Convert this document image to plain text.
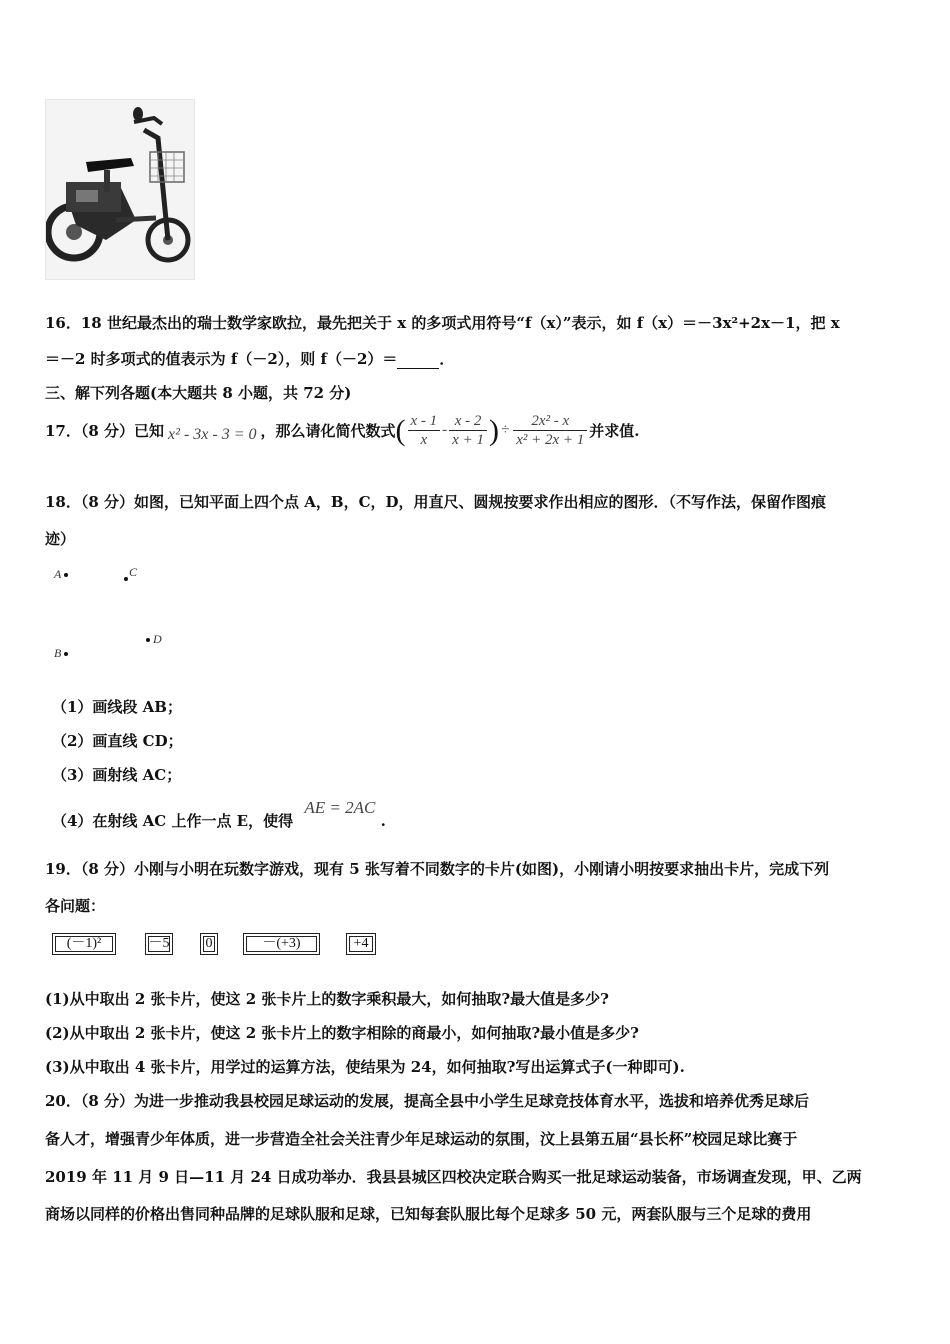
16．18 世纪最杰出的瑞士数学家欧拉，最先把关于 x 的多项式用符号“f（x）”表示，如 f（x）＝－3x²+2x－1，把 x
＝－2 时多项式的值表示为 f（－2），则 f（－2）＝	．
三、解下列各题(本大题共 8 小题，共 72 分)
17．（8 分）已知 x² - 3x - 3 = 0 ，那么请化简代数式 ( $\frac{x - 1}{x} - \frac{x - 2}{x + 1}$ ) ÷ $\frac{\text{2x² - x}}{\text{x² + 2x + 1}}$ 并求值.
18．（8 分）如图，已知平面上四个点 A，B，C，D，用直尺、圆规按要求作出相应的图形．（不写作法，保留作图痕
迹）
A	C
D
B
（1）画线段 AB；
（2）画直线 CD；
（3）画射线 AC；
（4）在射线 AC 上作一点 E，使得 AE = 2AC .
19．（8 分）小刚与小明在玩数字游戏，现有 5 张写着不同数字的卡片(如图)，小刚请小明按要求抽出卡片，完成下列
各问题：
(－1)²	－5	0	－(+3)	+4
(1)从中取出 2 张卡片，使这 2 张卡片上的数字乘积最大，如何抽取?最大值是多少?
(2)从中取出 2 张卡片，使这 2 张卡片上的数字相除的商最小，如何抽取?最小值是多少?
(3)从中取出 4 张卡片，用学过的运算方法，使结果为 24，如何抽取?写出运算式子(一种即可).
20．（8 分）为进一步推动我县校园足球运动的发展，提高全县中小学生足球竞技体育水平，选拔和培养优秀足球后
备人才，增强青少年体质，进一步营造全社会关注青少年足球运动的氛围，汶上县第五届“县长杯”校园足球比赛于
2019 年 11 月 9 日—11 月 24 日成功举办．我县县城区四校决定联合购买一批足球运动装备，市场调查发现，甲、乙两
商场以同样的价格出售同种品牌的足球队服和足球，已知每套队服比每个足球多 50 元，两套队服与三个足球的费用
